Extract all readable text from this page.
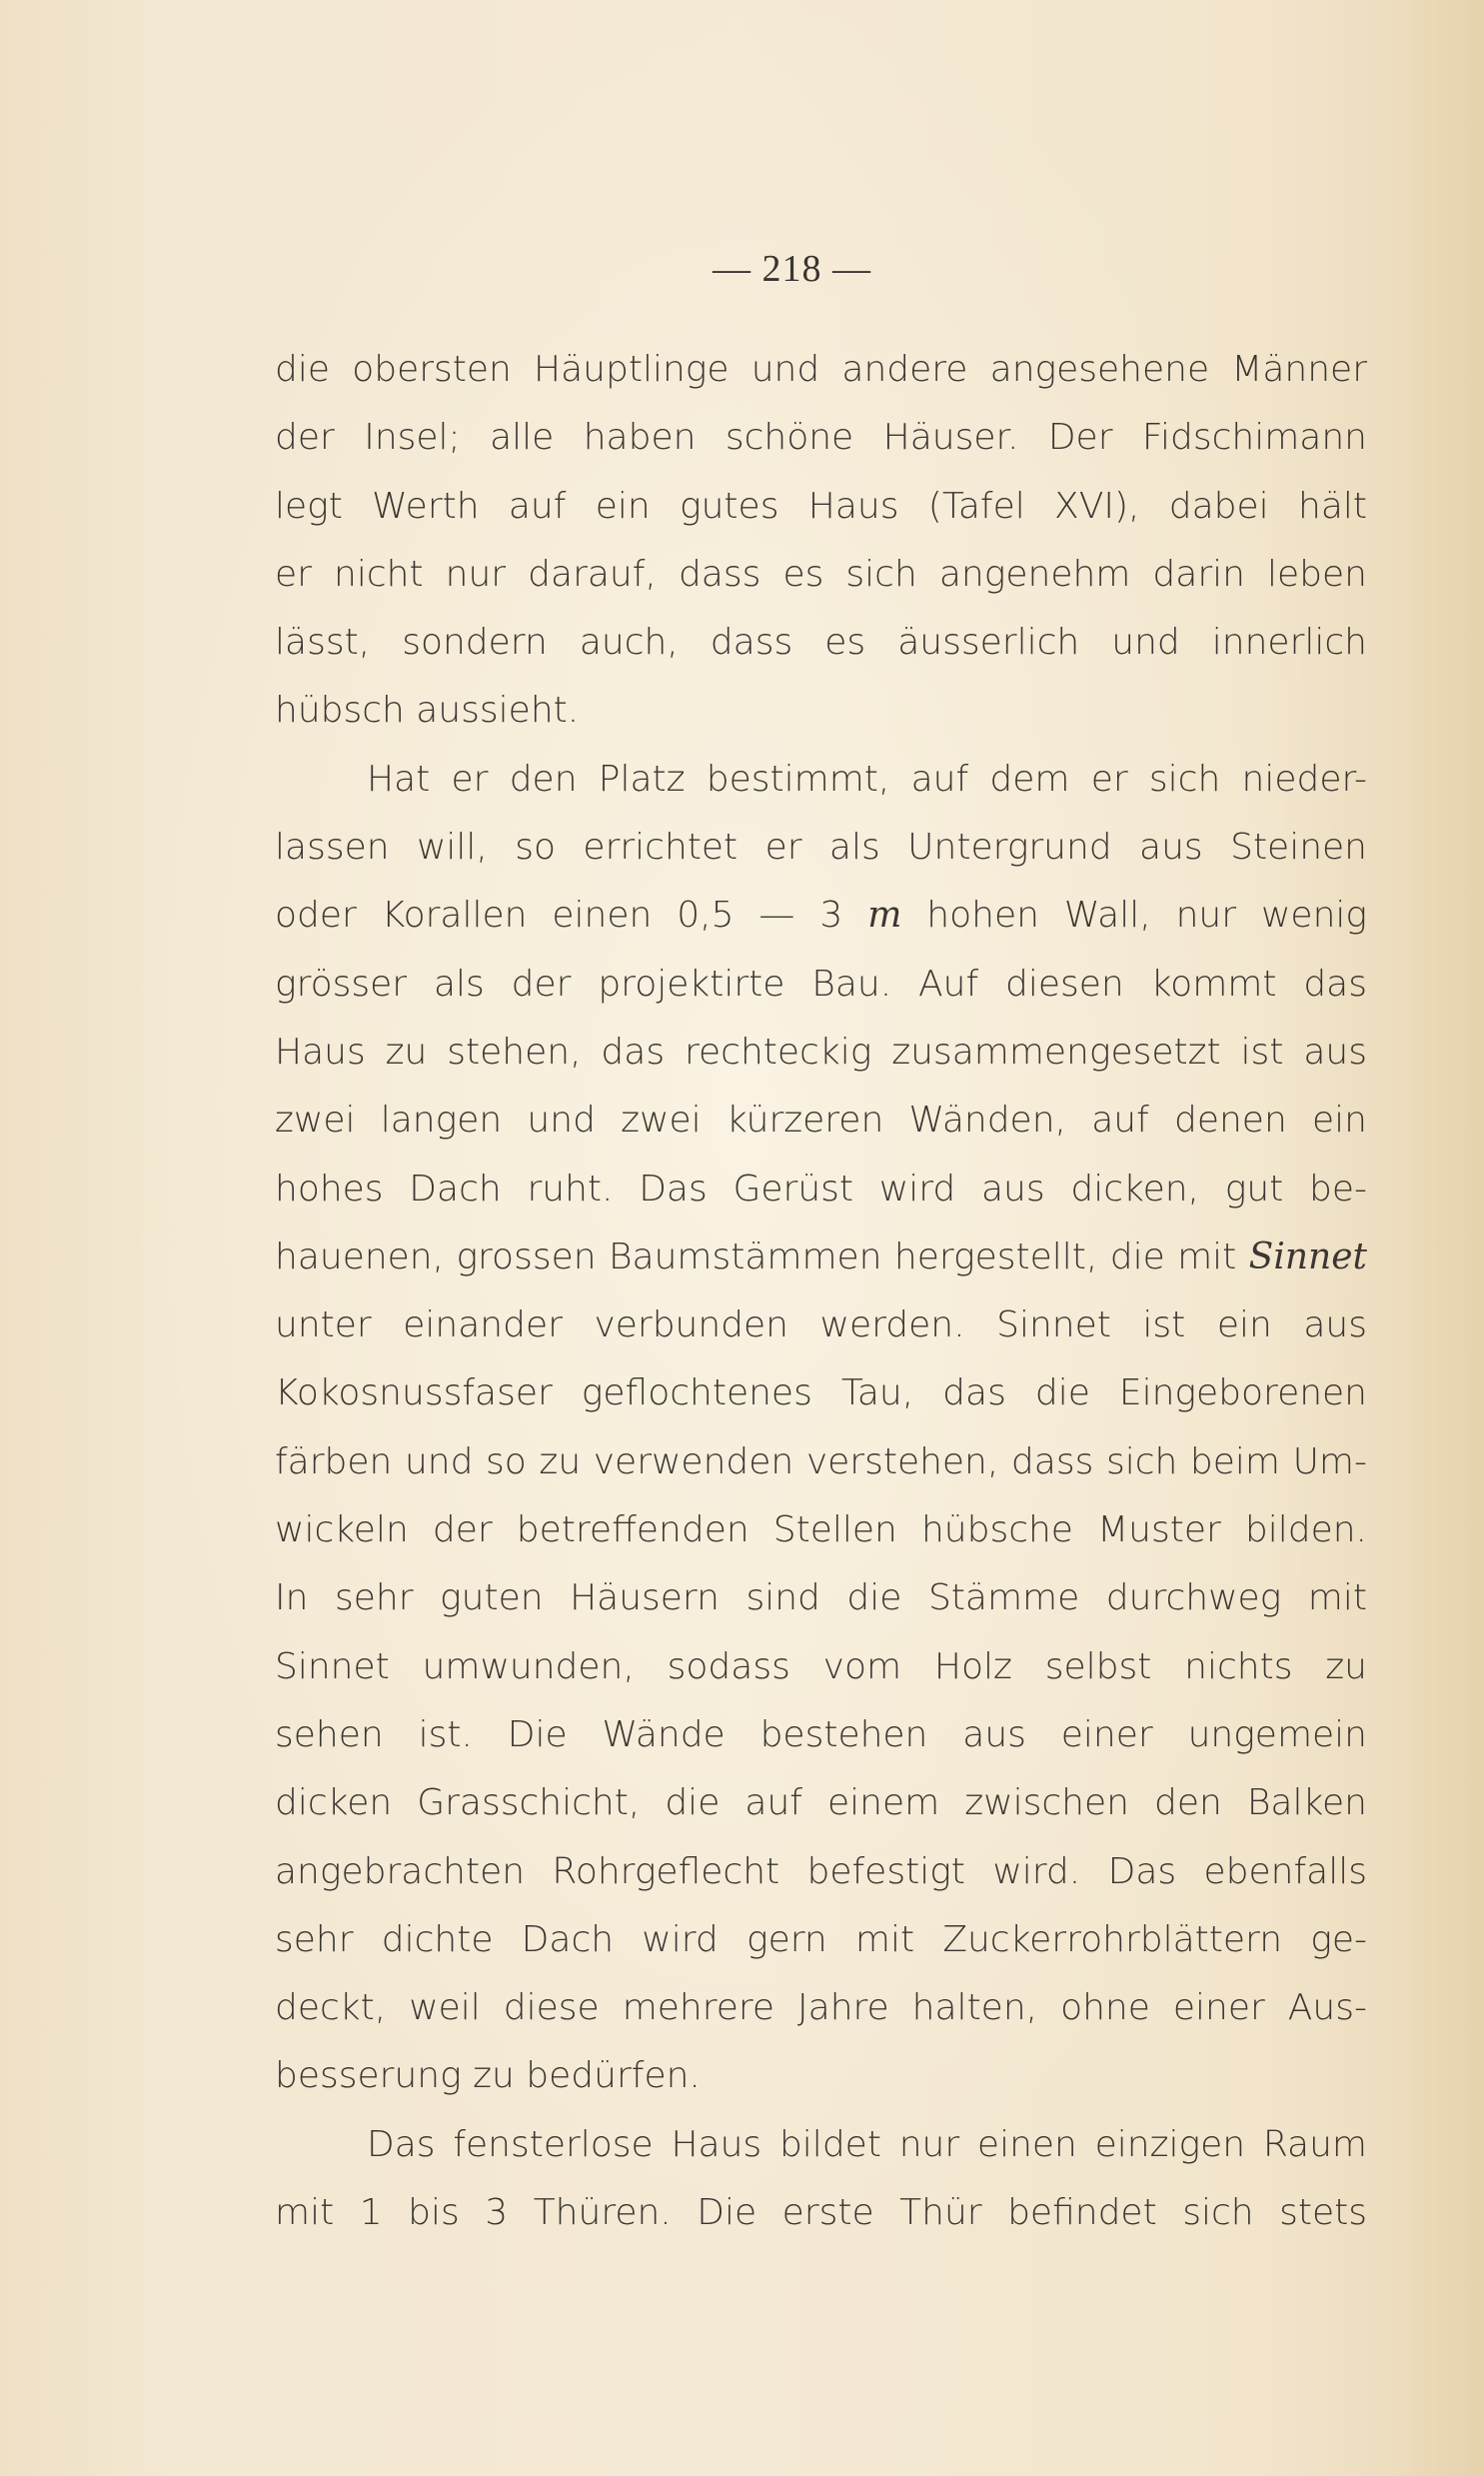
— 218 —
die obersten Häuptlinge und andere angesehene Männer
der Insel; alle haben schöne Häuser. Der Fidschimann
legt Werth auf ein gutes Haus (Tafel XVI), dabei hält
er nicht nur darauf, dass es sich angenehm darin leben
lässt, sondern auch, dass es äusserlich und innerlich
hübsch aussieht.
Hat er den Platz bestimmt, auf dem er sich nieder-
lassen will, so errichtet er als Untergrund aus Steinen
oder Korallen einen 0,5 — 3 m hohen Wall, nur wenig
grösser als der projektirte Bau. Auf diesen kommt das
Haus zu stehen, das rechteckig zusammengesetzt ist aus
zwei langen und zwei kürzeren Wänden, auf denen ein
hohes Dach ruht. Das Gerüst wird aus dicken, gut be-
hauenen, grossen Baumstämmen hergestellt, die mit Sinnet
unter einander verbunden werden. Sinnet ist ein aus
Kokosnussfaser geflochtenes Tau, das die Eingeborenen
färben und so zu verwenden verstehen, dass sich beim Um-
wickeln der betreffenden Stellen hübsche Muster bilden.
In sehr guten Häusern sind die Stämme durchweg mit
Sinnet umwunden, sodass vom Holz selbst nichts zu
sehen ist. Die Wände bestehen aus einer ungemein
dicken Grasschicht, die auf einem zwischen den Balken
angebrachten Rohrgeflecht befestigt wird. Das ebenfalls
sehr dichte Dach wird gern mit Zuckerrohrblättern ge-
deckt, weil diese mehrere Jahre halten, ohne einer Aus-
besserung zu bedürfen.
Das fensterlose Haus bildet nur einen einzigen Raum
mit 1 bis 3 Thüren. Die erste Thür befindet sich stets
